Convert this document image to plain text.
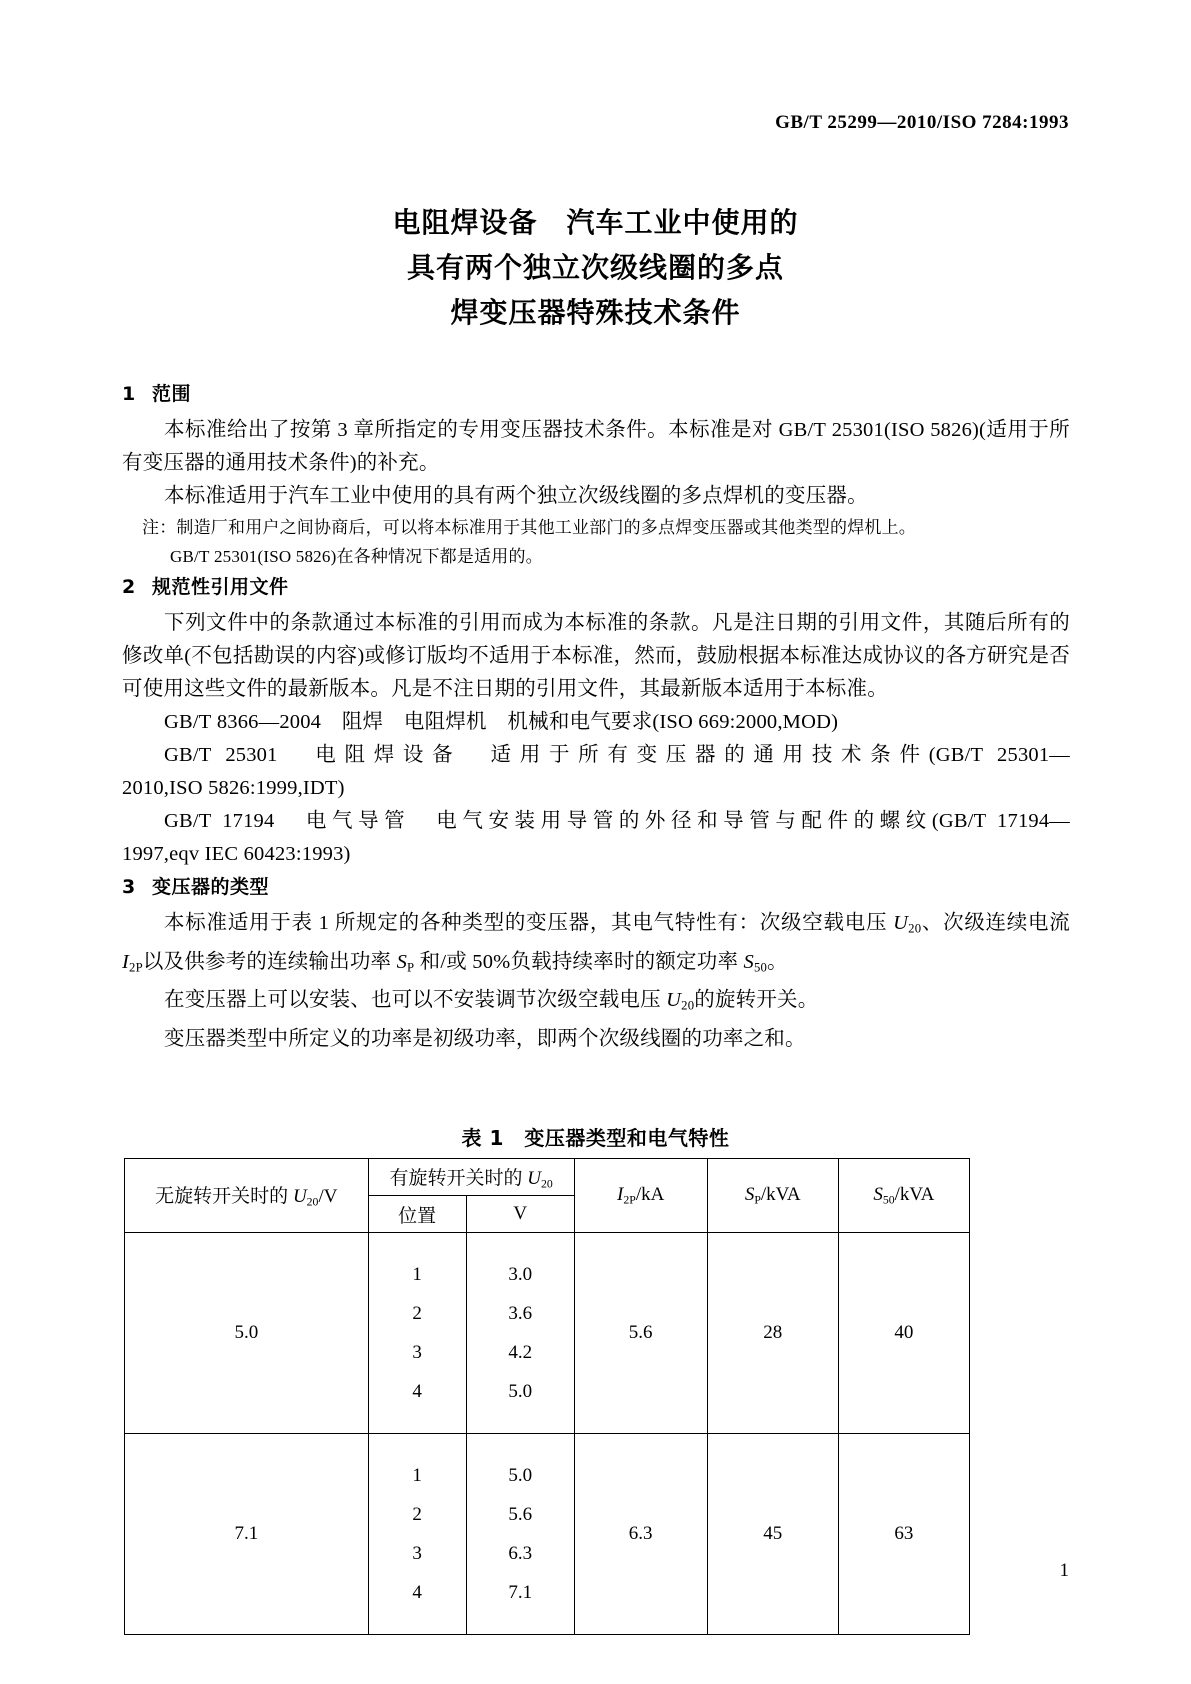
GB/T 25299—2010/ISO 7284:1993
电阻焊设备　汽车工业中使用的
具有两个独立次级线圈的多点
焊变压器特殊技术条件
1 范围

本标准给出了按第 3 章所指定的专用变压器技术条件。本标准是对 GB/T 25301(ISO 5826)(适用于所有变压器的通用技术条件)的补充。

本标准适用于汽车工业中使用的具有两个独立次级线圈的多点焊机的变压器。

注：制造厂和用户之间协商后，可以将本标准用于其他工业部门的多点焊变压器或其他类型的焊机上。

GB/T 25301(ISO 5826)在各种情况下都是适用的。

2 规范性引用文件

下列文件中的条款通过本标准的引用而成为本标准的条款。凡是注日期的引用文件，其随后所有的修改单(不包括勘误的内容)或修订版均不适用于本标准，然而，鼓励根据本标准达成协议的各方研究是否可使用这些文件的最新版本。凡是不注日期的引用文件，其最新版本适用于本标准。

GB/T 8366—2004　阻焊　电阻焊机　机械和电气要求(ISO 669:2000,MOD)

GB/T 25301　电阻焊设备　适用于所有变压器的通用技术条件(GB/T 25301—2010,ISO 5826:1999,IDT)

GB/T 17194　电气导管　电气安装用导管的外径和导管与配件的螺纹(GB/T 17194—1997,eqv IEC 60423:1993)

3 变压器的类型

本标准适用于表 1 所规定的各种类型的变压器，其电气特性有：次级空载电压 $U_{20}$、次级连续电流 $I_{2P}$以及供参考的连续输出功率 $S_P$ 和/或 50%负载持续率时的额定功率 $S_{50}$。

在变压器上可以安装、也可以不安装调节次级空载电压 $U_{20}$的旋转开关。

变压器类型中所定义的功率是初级功率，即两个次级线圈的功率之和。

表 1　变压器类型和电气特性
无旋转开关时的 $U_{20}/V$	有旋转开关时的 $U_{20}$		$I_{2P}/kA$	$S_P$/kVA	$S_{50}$/kVA
	位置	V			
5.0	1
2
3
4	3.0
3.6
4.2
5.0	5.6	28	40
7.1	1
2
3
4	5.0
5.6
6.3
7.1	6.3	45	63
1
